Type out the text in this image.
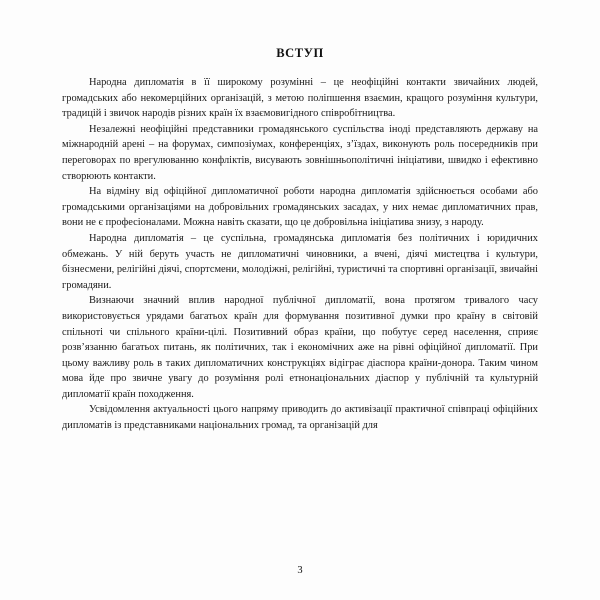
ВСТУП

Народна дипломатія в її широкому розумінні – це неофіційні контакти звичайних людей, громадських або некомерційних організацій, з метою поліпшення взаємин, кращого розуміння культури, традицій і звичок народів різних країн їх взаємовигідного співробітництва.

Незалежні неофіційні представники громадянського суспільства іноді представляють державу на міжнародній арені – на форумах, симпозіумах, конференціях, з’їздах, виконують роль посередників при переговорах по врегулюванню конфліктів, висувають зовнішньополітичні ініціативи, швидко і ефективно створюють контакти.

На відміну від офіційної дипломатичної роботи народна дипломатія здійснюється особами або громадськими організаціями на добровільних громадянських засадах, у них немає дипломатичних прав, вони не є професіоналами. Можна навіть сказати, що це добровільна ініціатива знизу, з народу.

Народна дипломатія – це суспільна, громадянська дипломатія без політичних і юридичних обмежань. У ній беруть участь не дипломатичні чиновники, а вчені, діячі мистецтва і культури, бізнесмени, релігійні діячі, спортсмени, молодіжні, релігійні, туристичні та спортивні організації, звичайні громадяни.

Визнаючи значний вплив народної публічної дипломатії, вона протягом тривалого часу використовується урядами багатьох країн для формування позитивної думки про країну в світовій спільноті чи спільного країни-цілі. Позитивний образ країни, що побутує серед населення, сприяє розв’язанню багатьох питань, як політичних, так і економічних аже на рівні офіційної дипломатії. При цьому важливу роль в таких дипломатичних конструкціях відіграє діаспора країни-донора. Таким чином мова йде про звичне увагу до розуміння ролі етнонаціональних діаспор у публічній та культурній дипломатії країн походження.

Усвідомлення актуальності цього напряму приводить до активізації практичної співпраці офіційних дипломатів із представниками національних громад, та організацій для

3
